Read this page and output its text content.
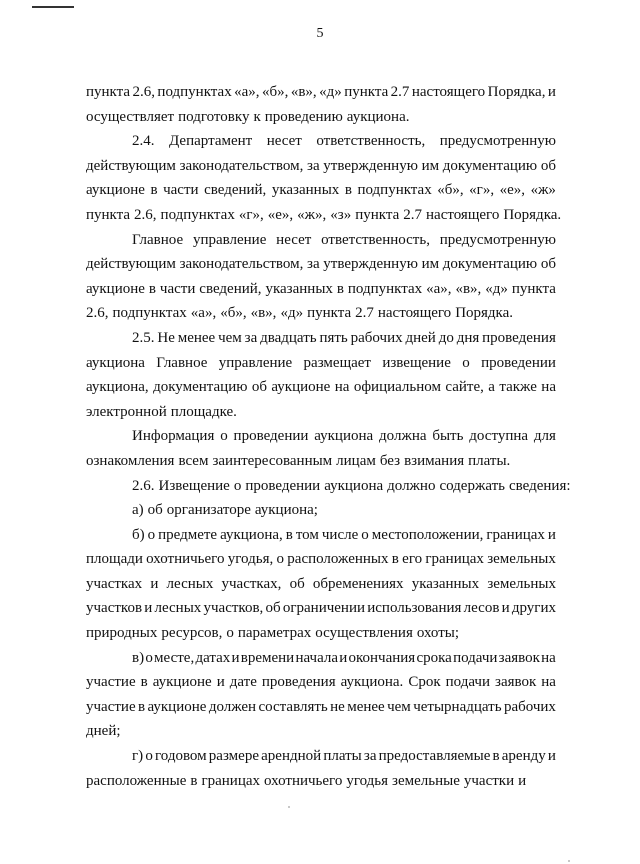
5
пункта 2.6, подпунктах «а», «б», «в», «д» пункта 2.7 настоящего Порядка, и
осуществляет подготовку к проведению аукциона.
2.4. Департамент несет ответственность, предусмотренную
действующим законодательством, за утвержденную им документацию об
аукционе в части сведений, указанных в подпунктах «б», «г», «е», «ж»
пункта 2.6, подпунктах «г», «е», «ж», «з» пункта 2.7 настоящего Порядка.
Главное управление несет ответственность, предусмотренную
действующим законодательством, за утвержденную им документацию об
аукционе в части сведений, указанных в подпунктах «а», «в», «д» пункта
2.6, подпунктах «а», «б», «в», «д» пункта 2.7 настоящего Порядка.
2.5. Не менее чем за двадцать пять рабочих дней до дня проведения
аукциона Главное управление размещает извещение о проведении
аукциона, документацию об аукционе на официальном сайте, а также на
электронной площадке.
Информация о проведении аукциона должна быть доступна для
ознакомления всем заинтересованным лицам без взимания платы.
2.6. Извещение о проведении аукциона должно содержать сведения:
а) об организаторе аукциона;
б) о предмете аукциона, в том числе о местоположении, границах и
площади охотничьего угодья, о расположенных в его границах земельных
участках и лесных участках, об обременениях указанных земельных
участков и лесных участков, об ограничении использования лесов и других
природных ресурсов, о параметрах осуществления охоты;
в) о месте, датах и времени начала и окончания срока подачи заявок на
участие в аукционе и дате проведения аукциона. Срок подачи заявок на
участие в аукционе должен составлять не менее чем четырнадцать рабочих
дней;
г) о годовом размере арендной платы за предоставляемые в аренду и
расположенные в границах охотничьего угодья земельные участки и
